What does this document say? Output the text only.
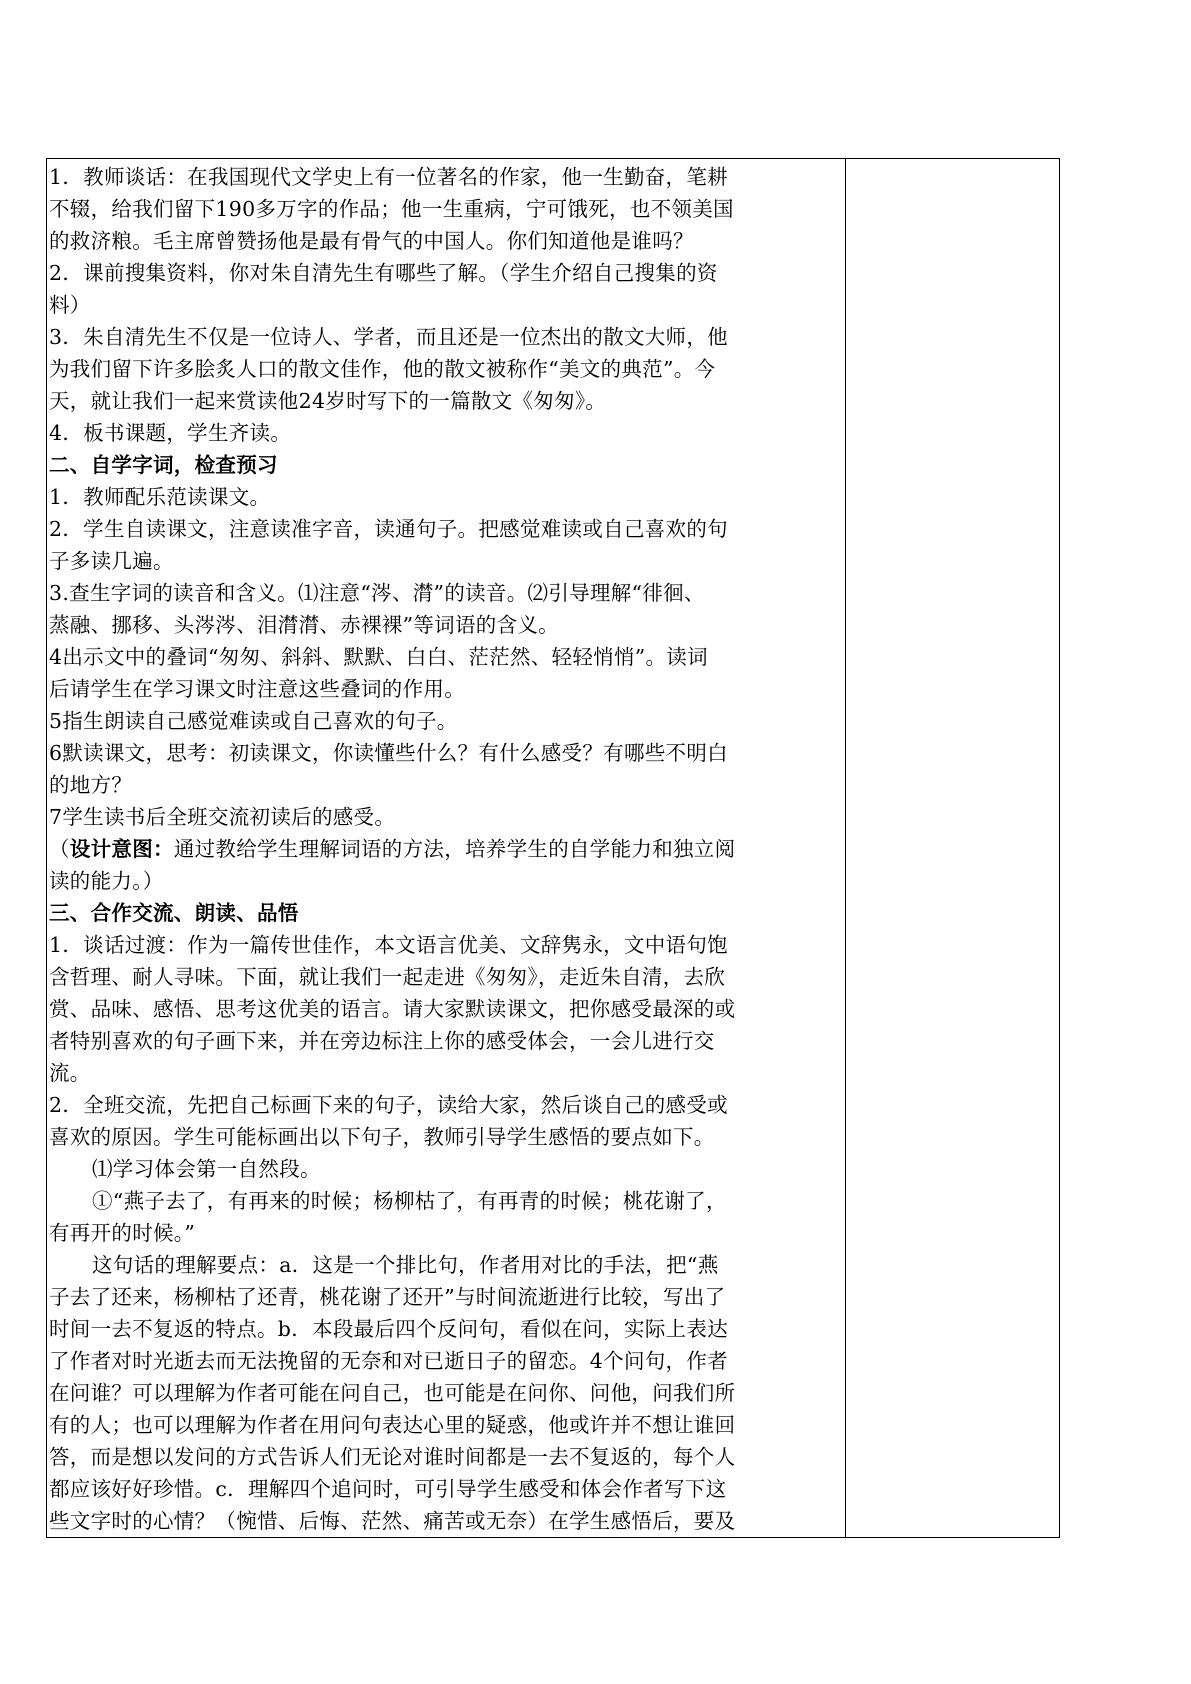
1．教师谈话：在我国现代文学史上有一位著名的作家，他一生勤奋，笔耕
不辍，给我们留下190多万字的作品；他一生重病，宁可饿死，也不领美国
的救济粮。毛主席曾赞扬他是最有骨气的中国人。你们知道他是谁吗？
2．课前搜集资料，你对朱自清先生有哪些了解。（学生介绍自己搜集的资
料）
3．朱自清先生不仅是一位诗人、学者，而且还是一位杰出的散文大师，他
为我们留下许多脍炙人口的散文佳作，他的散文被称作“美文的典范”。今
天，就让我们一起来赏读他24岁时写下的一篇散文《匆匆》。
4．板书课题，学生齐读。
二、自学字词，检查预习
1．教师配乐范读课文。
2．学生自读课文，注意读准字音，读通句子。把感觉难读或自己喜欢的句
子多读几遍。
3.查生字词的读音和含义。⑴注意“涔、潸”的读音。⑵引导理解“徘徊、
蒸融、挪移、头涔涔、泪潸潸、赤裸裸”等词语的含义。
4出示文中的叠词“匆匆、斜斜、默默、白白、茫茫然、轻轻悄悄”。读词
后请学生在学习课文时注意这些叠词的作用。
5指生朗读自己感觉难读或自己喜欢的句子。
6默读课文，思考：初读课文，你读懂些什么？有什么感受？有哪些不明白
的地方？
7学生读书后全班交流初读后的感受。
（设计意图：通过教给学生理解词语的方法，培养学生的自学能力和独立阅
读的能力。）
三、合作交流、朗读、品悟
1．谈话过渡：作为一篇传世佳作，本文语言优美、文辞隽永，文中语句饱
含哲理、耐人寻味。下面，就让我们一起走进《匆匆》，走近朱自清，去欣
赏、品味、感悟、思考这优美的语言。请大家默读课文，把你感受最深的或
者特别喜欢的句子画下来，并在旁边标注上你的感受体会，一会儿进行交
流。
2．全班交流，先把自己标画下来的句子，读给大家，然后谈自己的感受或
喜欢的原因。学生可能标画出以下句子，教师引导学生感悟的要点如下。
⑴学习体会第一自然段。
①“燕子去了，有再来的时候；杨柳枯了，有再青的时候；桃花谢了，
有再开的时候。”
这句话的理解要点：a．这是一个排比句，作者用对比的手法，把“燕
子去了还来，杨柳枯了还青，桃花谢了还开”与时间流逝进行比较，写出了
时间一去不复返的特点。b．本段最后四个反问句，看似在问，实际上表达
了作者对时光逝去而无法挽留的无奈和对已逝日子的留恋。4个问句，作者
在问谁？可以理解为作者可能在问自己，也可能是在问你、问他，问我们所
有的人；也可以理解为作者在用问句表达心里的疑惑，他或许并不想让谁回
答，而是想以发问的方式告诉人们无论对谁时间都是一去不复返的，每个人
都应该好好珍惜。c．理解四个追问时，可引导学生感受和体会作者写下这
些文字时的心情？（惋惜、后悔、茫然、痛苦或无奈）在学生感悟后，要及
